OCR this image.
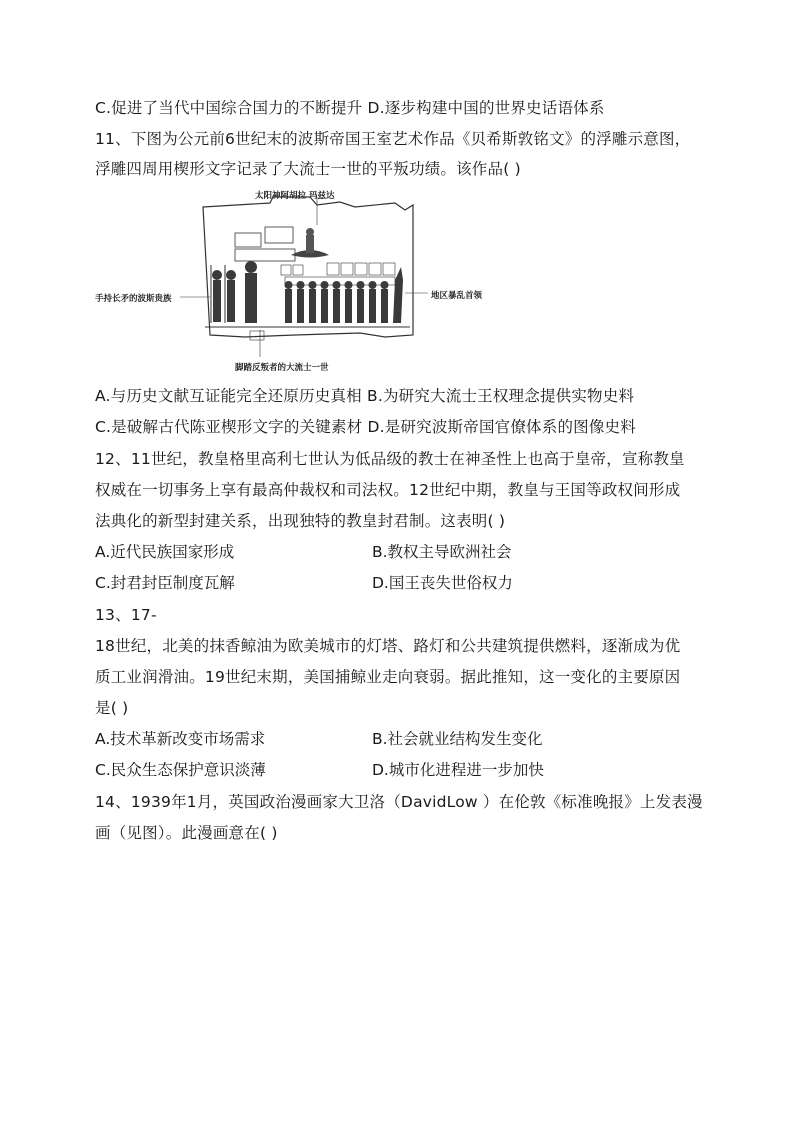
C.促进了当代中国综合国力的不断提升 D.逐步构建中国的世界史话语体系
11、下图为公元前6世纪末的波斯帝国王室艺术作品《贝希斯敦铭文》的浮雕示意图，
浮雕四周用楔形文字记录了大流士一世的平叛功绩。该作品( )
太阳神阿胡拉 玛兹达
手持长矛的波斯贵族	地区暴乱首领
脚踏反叛者的大流士一世
A.与历史文献互证能完全还原历史真相 B.为研究大流士王权理念提供实物史料
C.是破解古代陈亚楔形文字的关键素材 D.是研究波斯帝国官僚体系的图像史料
12、11世纪，教皇格里高利七世认为低品级的教士在神圣性上也高于皇帝，宣称教皇
权威在一切事务上享有最高仲裁权和司法权。12世纪中期，教皇与王国等政权间形成
法典化的新型封建关系，出现独特的教皇封君制。这表明( )
A.近代民族国家形成	B.教权主导欧洲社会
C.封君封臣制度瓦解	D.国王丧失世俗权力
13、17-
18世纪，北美的抹香鲸油为欧美城市的灯塔、路灯和公共建筑提供燃料，逐渐成为优
质工业润滑油。19世纪末期，美国捕鲸业走向衰弱。据此推知，这一变化的主要原因
是( )
A.技术革新改变市场需求	B.社会就业结构发生变化
C.民众生态保护意识淡薄	D.城市化进程进一步加快
14、1939年1月，英国政治漫画家大卫洛（DavidLow ）在伦敦《标准晚报》上发表漫
画（见图）。此漫画意在( )
